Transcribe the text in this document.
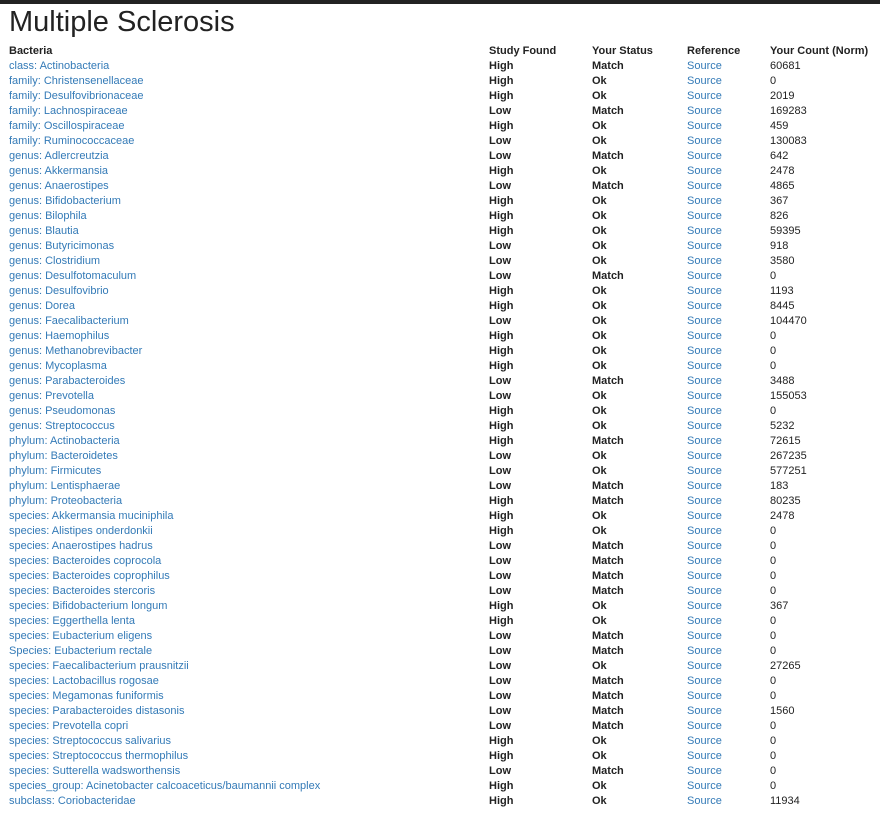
Multiple Sclerosis
Bacteria	Study Found	Your Status	Reference	Your Count (Norm)
class: Actinobacteria	High	Match	Source	60681
family: Christensenellaceae	High	Ok	Source	0
family: Desulfovibrionaceae	High	Ok	Source	2019
family: Lachnospiraceae	Low	Match	Source	169283
family: Oscillospiraceae	High	Ok	Source	459
family: Ruminococcaceae	Low	Ok	Source	130083
genus: Adlercreutzia	Low	Match	Source	642
genus: Akkermansia	High	Ok	Source	2478
genus: Anaerostipes	Low	Match	Source	4865
genus: Bifidobacterium	High	Ok	Source	367
genus: Bilophila	High	Ok	Source	826
genus: Blautia	High	Ok	Source	59395
genus: Butyricimonas	Low	Ok	Source	918
genus: Clostridium	Low	Ok	Source	3580
genus: Desulfotomaculum	Low	Match	Source	0
genus: Desulfovibrio	High	Ok	Source	1193
genus: Dorea	High	Ok	Source	8445
genus: Faecalibacterium	Low	Ok	Source	104470
genus: Haemophilus	High	Ok	Source	0
genus: Methanobrevibacter	High	Ok	Source	0
genus: Mycoplasma	High	Ok	Source	0
genus: Parabacteroides	Low	Match	Source	3488
genus: Prevotella	Low	Ok	Source	155053
genus: Pseudomonas	High	Ok	Source	0
genus: Streptococcus	High	Ok	Source	5232
phylum: Actinobacteria	High	Match	Source	72615
phylum: Bacteroidetes	Low	Ok	Source	267235
phylum: Firmicutes	Low	Ok	Source	577251
phylum: Lentisphaerae	Low	Match	Source	183
phylum: Proteobacteria	High	Match	Source	80235
species: Akkermansia muciniphila	High	Ok	Source	2478
species: Alistipes onderdonkii	High	Ok	Source	0
species: Anaerostipes hadrus	Low	Match	Source	0
species: Bacteroides coprocola	Low	Match	Source	0
species: Bacteroides coprophilus	Low	Match	Source	0
species: Bacteroides stercoris	Low	Match	Source	0
species: Bifidobacterium longum	High	Ok	Source	367
species: Eggerthella lenta	High	Ok	Source	0
species: Eubacterium eligens	Low	Match	Source	0
Species: Eubacterium rectale	Low	Match	Source	0
species: Faecalibacterium prausnitzii	Low	Ok	Source	27265
species: Lactobacillus rogosae	Low	Match	Source	0
species: Megamonas funiformis	Low	Match	Source	0
species: Parabacteroides distasonis	Low	Match	Source	1560
species: Prevotella copri	Low	Match	Source	0
species: Streptococcus salivarius	High	Ok	Source	0
species: Streptococcus thermophilus	High	Ok	Source	0
species: Sutterella wadsworthensis	Low	Match	Source	0
species_group: Acinetobacter calcoaceticus/baumannii complex	High	Ok	Source	0
subclass: Coriobacteridae	High	Ok	Source	11934
